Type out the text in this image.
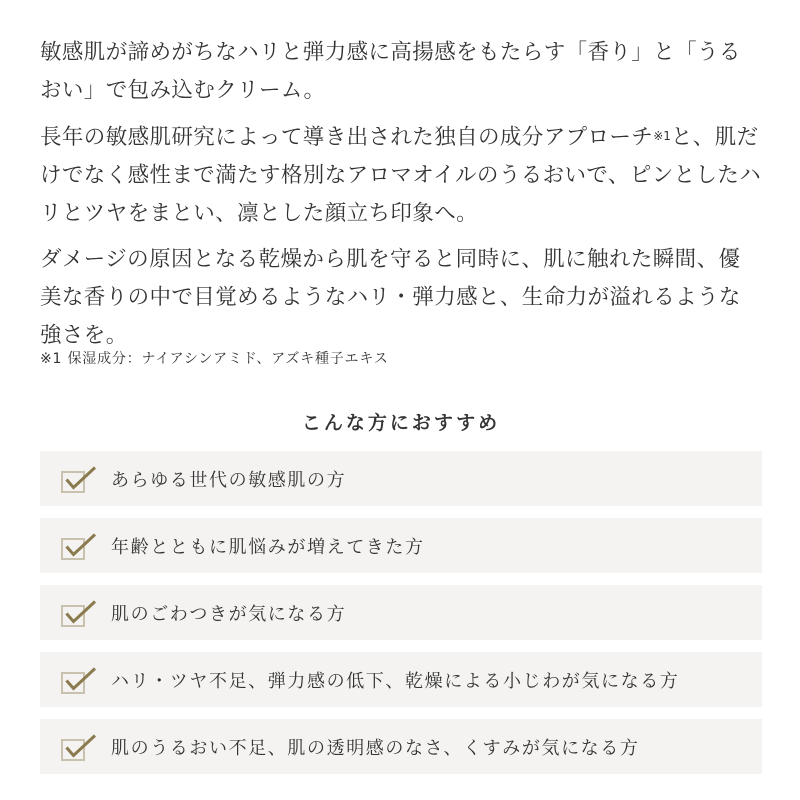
敏感肌が諦めがちなハリと弾力感に高揚感をもたらす「香り」と「うるおい」で包み込むクリーム。

長年の敏感肌研究によって導き出された独自の成分アプローチ$^{※1}$と、肌だけでなく感性まで満たす格別なアロマオイルのうるおいで、ピンとしたハリとツヤをまとい、凛とした顔立ち印象へ。

ダメージの原因となる乾燥から肌を守ると同時に、肌に触れた瞬間、優美な香りの中で目覚めるようなハリ・弾力感と、生命力が溢れるような強さを。

※1 保湿成分：ナイアシンアミド、アズキ種子エキス

こんな方におすすめ
あらゆる世代の敏感肌の方
年齢とともに肌悩みが増えてきた方
肌のごわつきが気になる方
ハリ・ツヤ不足、弾力感の低下、乾燥による小じわが気になる方
肌のうるおい不足、肌の透明感のなさ、くすみが気になる方
